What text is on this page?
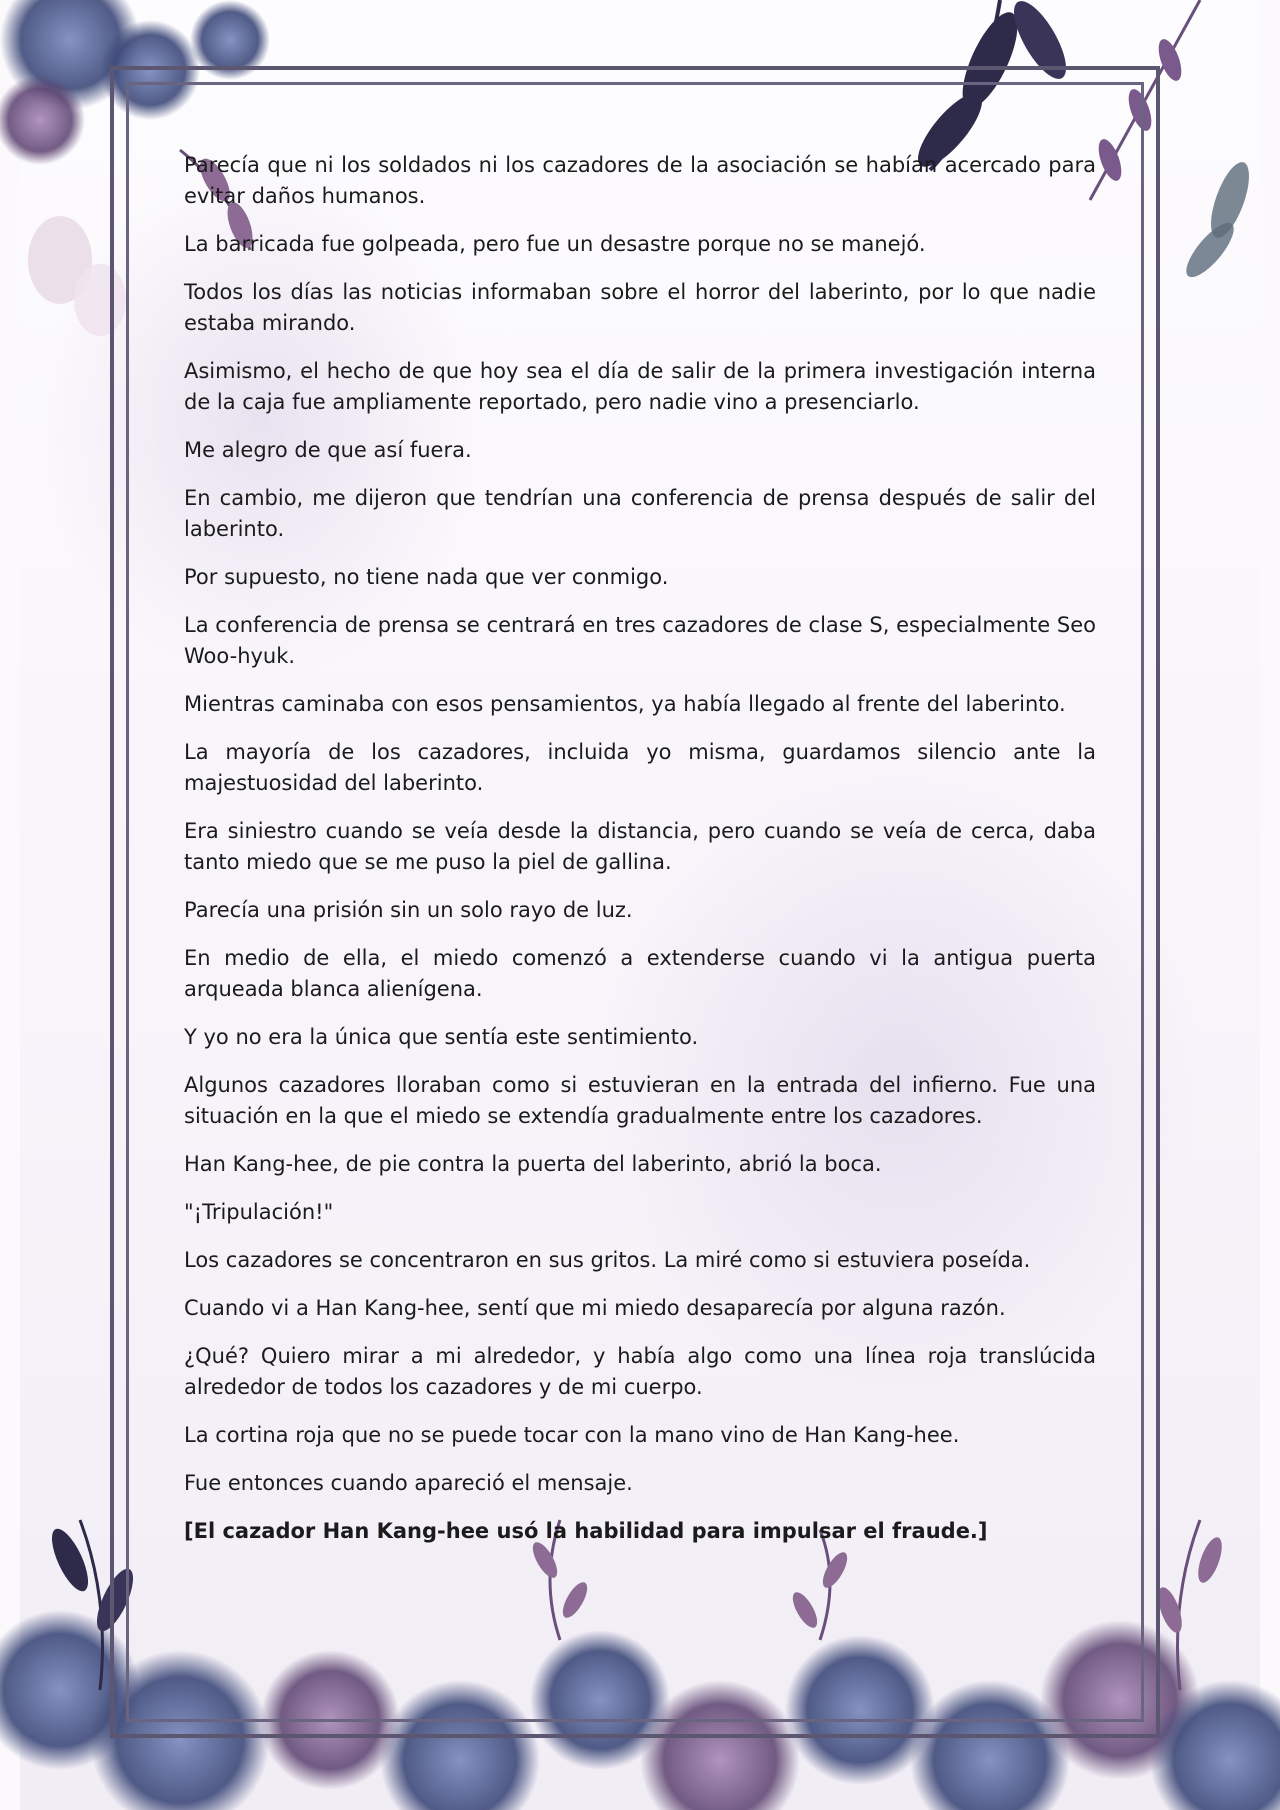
Parecía que ni los soldados ni los cazadores de la asociación se habían acercado para evitar daños humanos.

La barricada fue golpeada, pero fue un desastre porque no se manejó.

Todos los días las noticias informaban sobre el horror del laberinto, por lo que nadie estaba mirando.

Asimismo, el hecho de que hoy sea el día de salir de la primera investigación interna de la caja fue ampliamente reportado, pero nadie vino a presenciarlo.

Me alegro de que así fuera.

En cambio, me dijeron que tendrían una conferencia de prensa después de salir del laberinto.

Por supuesto, no tiene nada que ver conmigo.

La conferencia de prensa se centrará en tres cazadores de clase S, especialmente Seo Woo-hyuk.

Mientras caminaba con esos pensamientos, ya había llegado al frente del laberinto.

La mayoría de los cazadores, incluida yo misma, guardamos silencio ante la majestuosidad del laberinto.

Era siniestro cuando se veía desde la distancia, pero cuando se veía de cerca, daba tanto miedo que se me puso la piel de gallina.

Parecía una prisión sin un solo rayo de luz.

En medio de ella, el miedo comenzó a extenderse cuando vi la antigua puerta arqueada blanca alienígena.

Y yo no era la única que sentía este sentimiento.

Algunos cazadores lloraban como si estuvieran en la entrada del infierno. Fue una situación en la que el miedo se extendía gradualmente entre los cazadores.

Han Kang-hee, de pie contra la puerta del laberinto, abrió la boca.

"¡Tripulación!"

Los cazadores se concentraron en sus gritos. La miré como si estuviera poseída.

Cuando vi a Han Kang-hee, sentí que mi miedo desaparecía por alguna razón.

¿Qué? Quiero mirar a mi alrededor, y había algo como una línea roja translúcida alrededor de todos los cazadores y de mi cuerpo.

La cortina roja que no se puede tocar con la mano vino de Han Kang-hee.

Fue entonces cuando apareció el mensaje.

[El cazador Han Kang-hee usó la habilidad para impulsar el fraude.]
